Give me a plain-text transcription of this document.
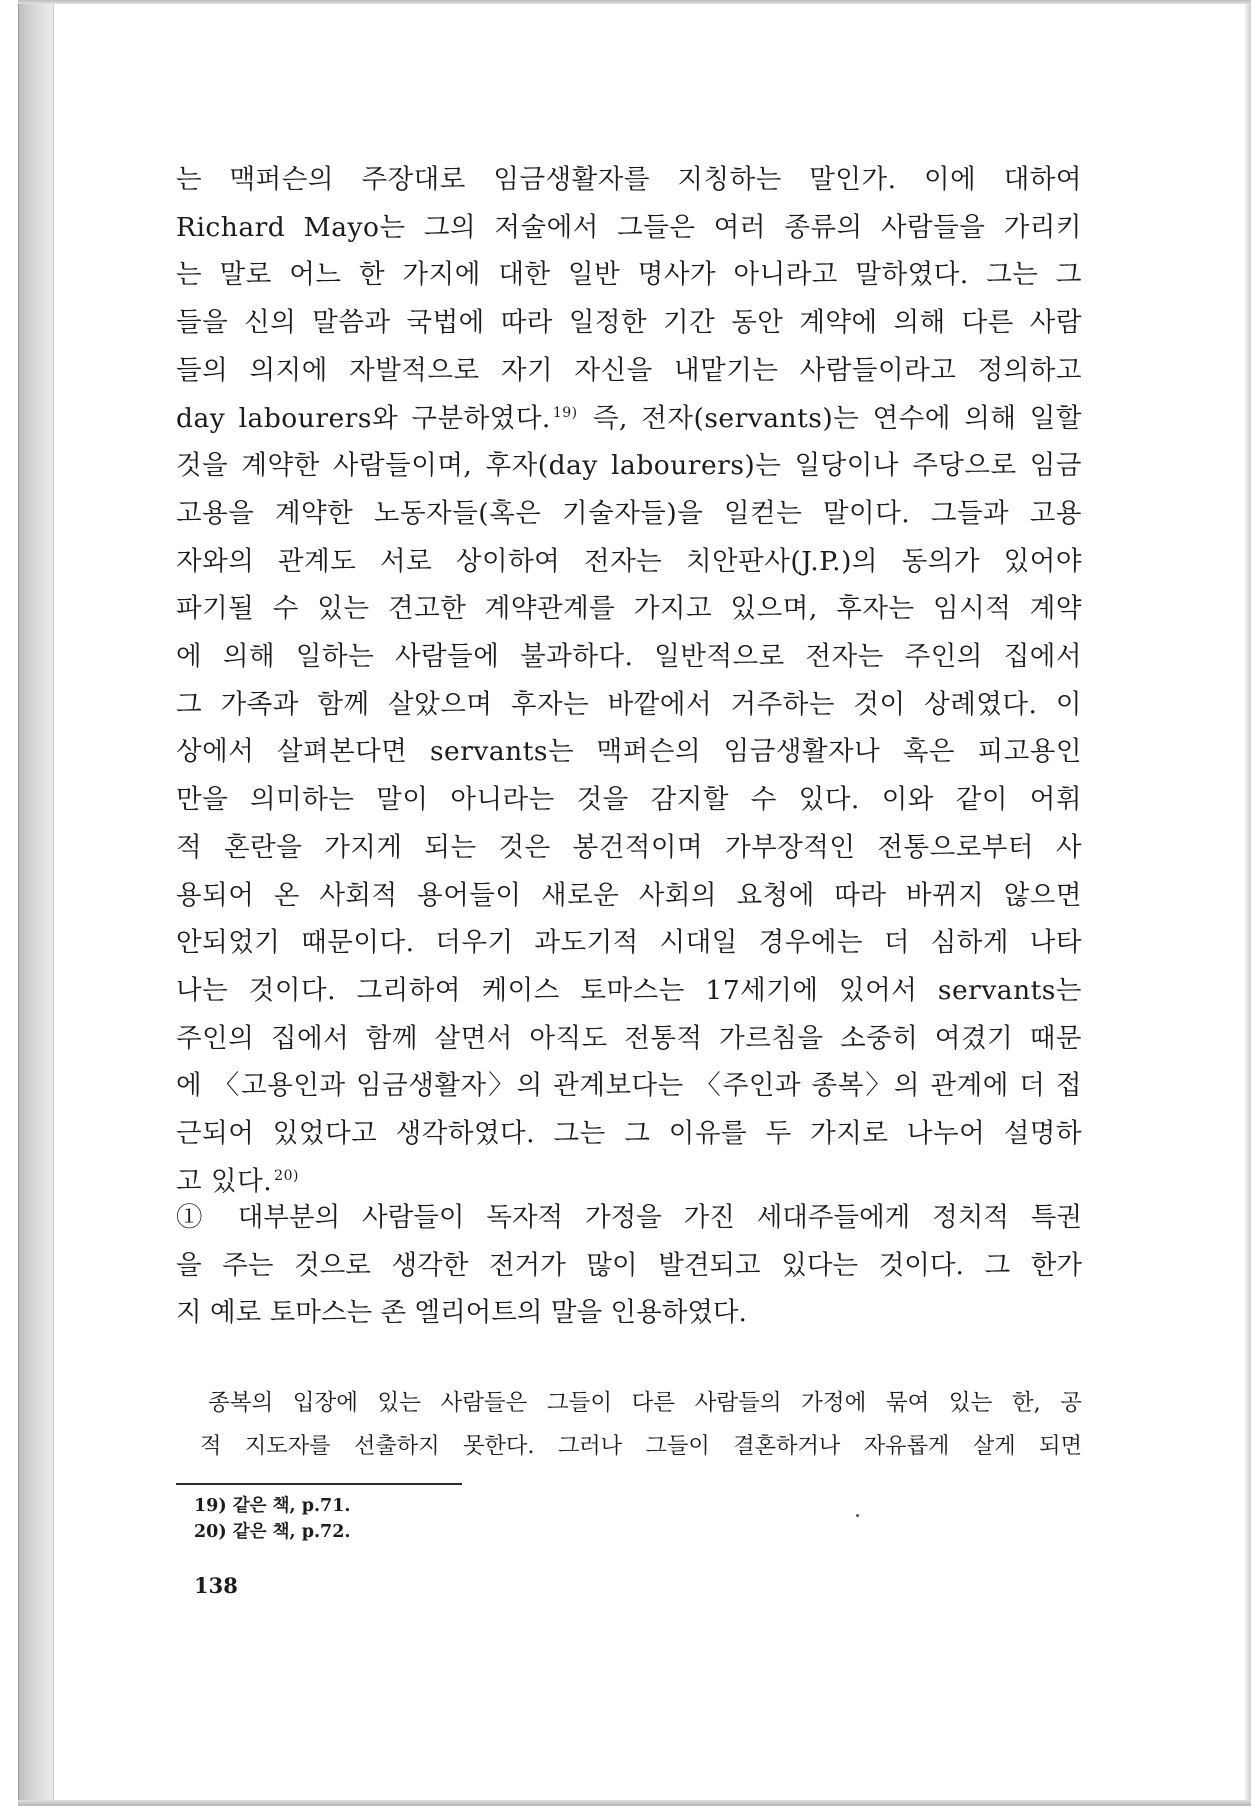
는 맥퍼슨의 주장대로 임금생활자를 지칭하는 말인가. 이에 대하여
Richard Mayo는 그의 저술에서 그들은 여러 종류의 사람들을 가리키
는 말로 어느 한 가지에 대한 일반 명사가 아니라고 말하였다. 그는 그
들을 신의 말씀과 국법에 따라 일정한 기간 동안 계약에 의해 다른 사람
들의 의지에 자발적으로 자기 자신을 내맡기는 사람들이라고 정의하고
day labourers와 구분하였다. $^{19)}$ 즉, 전자(servants)는 연수에 의해 일할
것을 계약한 사람들이며, 후자(day labourers)는 일당이나 주당으로 임금
고용을 계약한 노동자들(혹은 기술자들)을 일컫는 말이다. 그들과 고용
자와의 관계도 서로 상이하여 전자는 치안판사(J.P.)의 동의가 있어야
파기될 수 있는 견고한 계약관계를 가지고 있으며, 후자는 임시적 계약
에 의해 일하는 사람들에 불과하다. 일반적으로 전자는 주인의 집에서
그 가족과 함께 살았으며 후자는 바깥에서 거주하는 것이 상례였다. 이
상에서 살펴본다면 servants는 맥퍼슨의 임금생활자나 혹은 피고용인
만을 의미하는 말이 아니라는 것을 감지할 수 있다. 이와 같이 어휘
적 혼란을 가지게 되는 것은 봉건적이며 가부장적인 전통으로부터 사
용되어 온 사회적 용어들이 새로운 사회의 요청에 따라 바뀌지 않으면
안되었기 때문이다. 더우기 과도기적 시대일 경우에는 더 심하게 나타
나는 것이다. 그리하여 케이스 토마스는 17세기에 있어서 servants는
주인의 집에서 함께 살면서 아직도 전통적 가르침을 소중히 여겼기 때문
에 〈고용인과 임금생활자〉의 관계보다는 〈주인과 종복〉의 관계에 더 접
근되어 있었다고 생각하였다. 그는 그 이유를 두 가지로 나누어 설명하
고 있다. $^{20)}$
① 대부분의 사람들이 독자적 가정을 가진 세대주들에게 정치적 특권
을 주는 것으로 생각한 전거가 많이 발견되고 있다는 것이다. 그 한가
지 예로 토마스는 존 엘리어트의 말을 인용하였다.
종복의 입장에 있는 사람들은 그들이 다른 사람들의 가정에 묶여 있는 한, 공
적 지도자를 선출하지 못한다. 그러나 그들이 결혼하거나 자유롭게 살게 되면
19) 같은 책, p.71.
20) 같은 책, p.72.
138
